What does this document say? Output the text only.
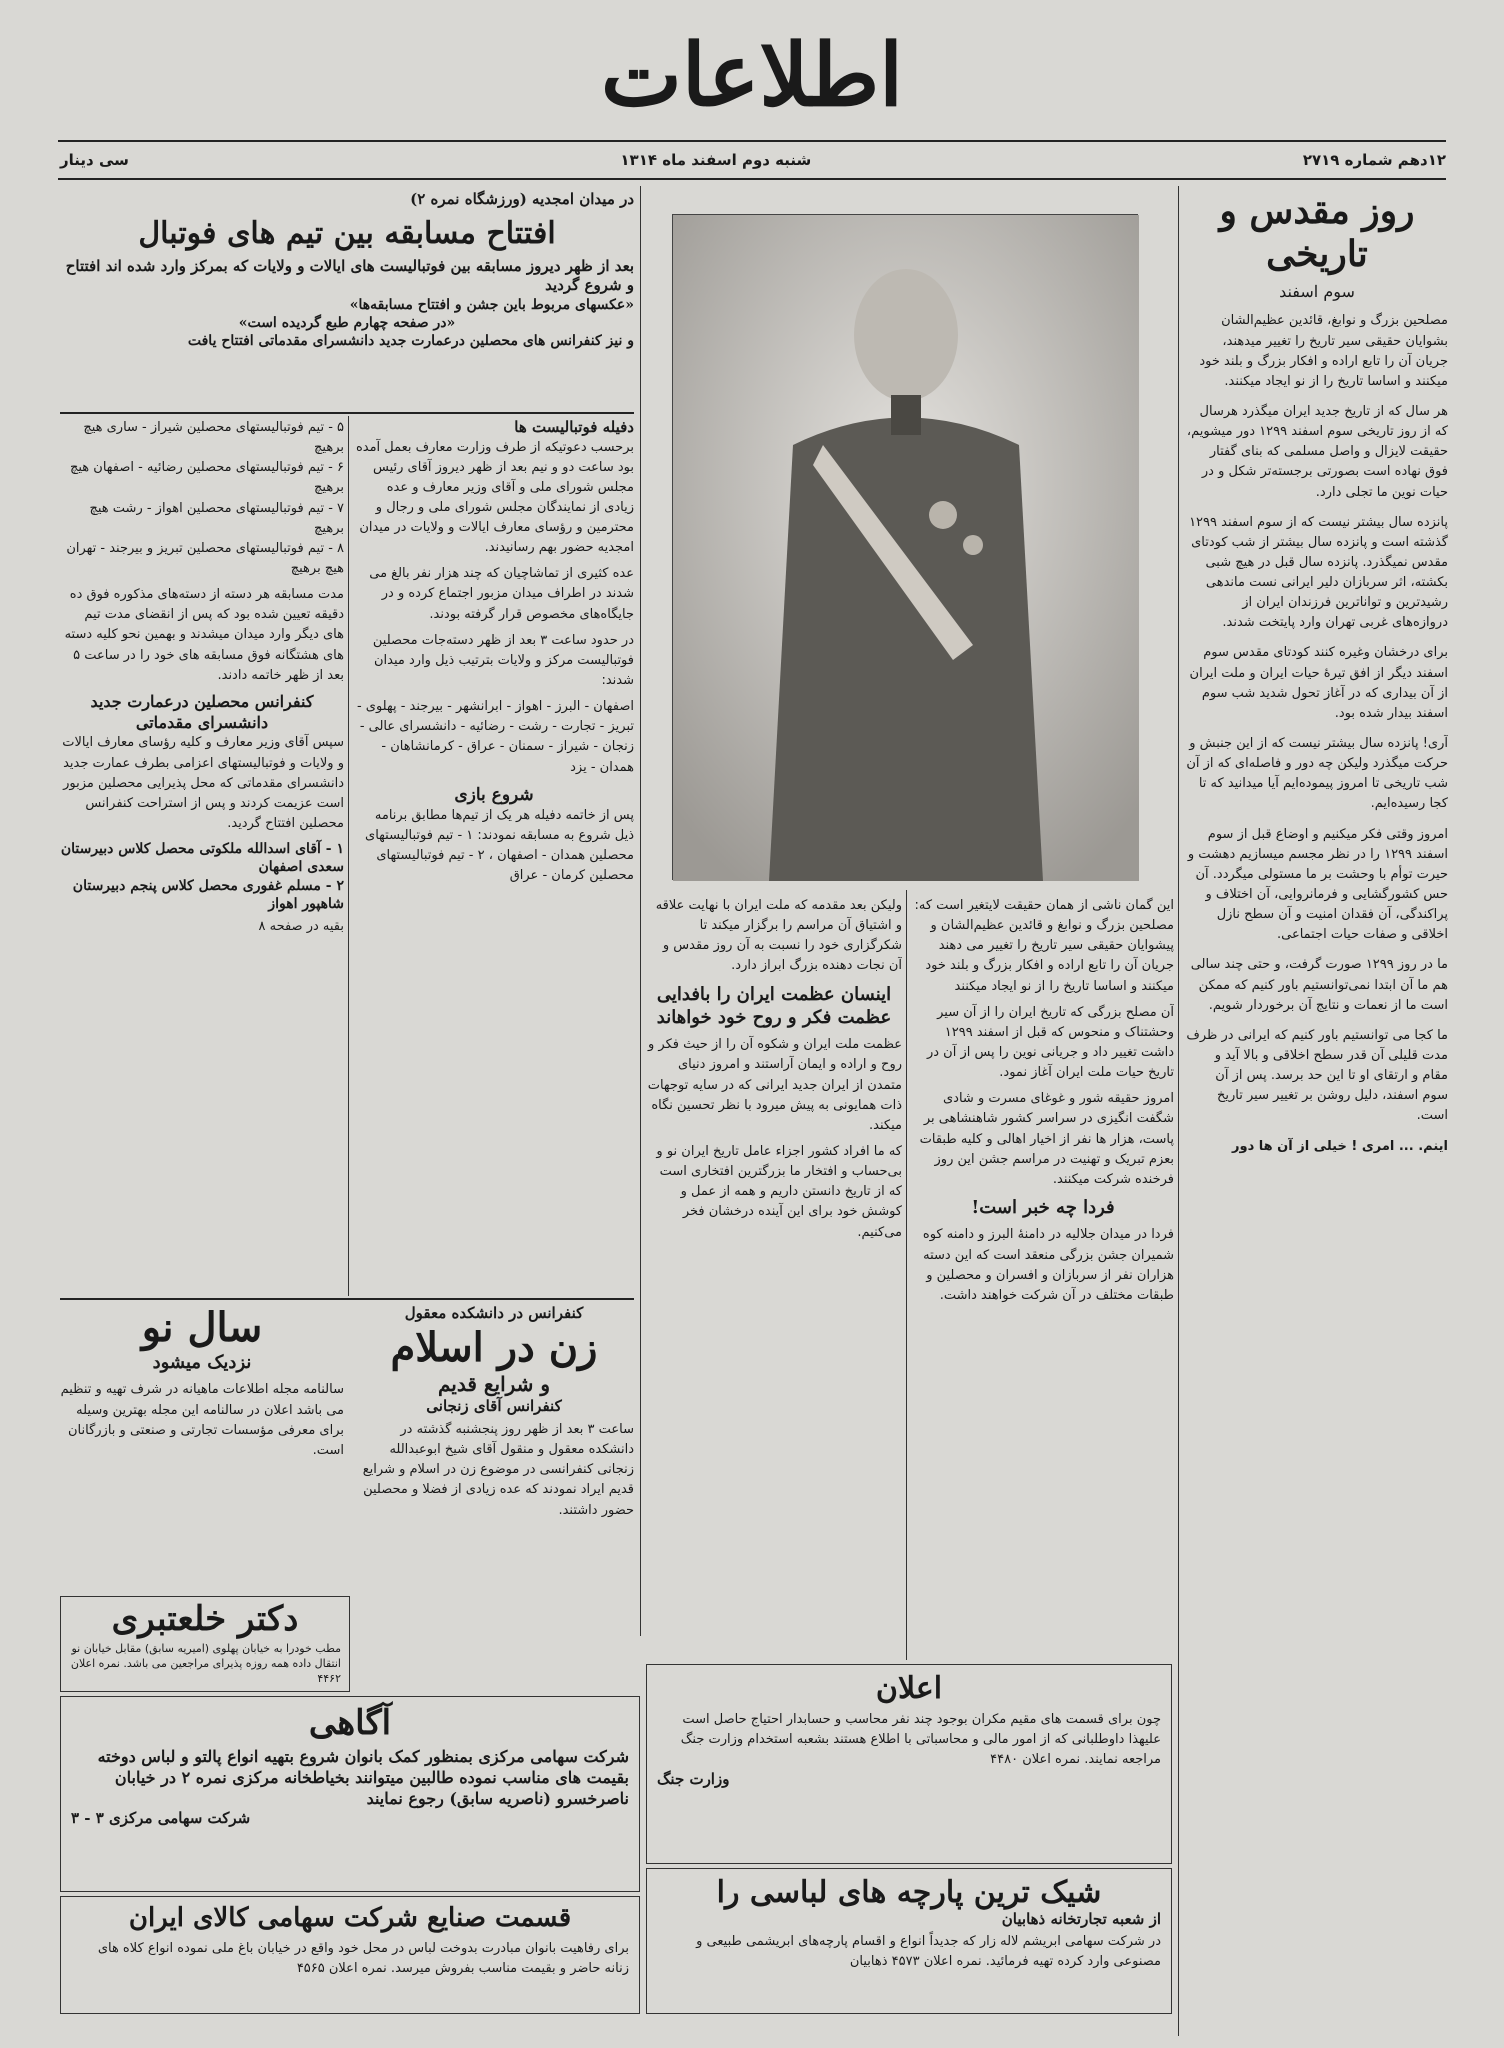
اطلاعات
۱۲دهم شماره ۲۷۱۹
شنبه دوم اسفند ماه ۱۳۱۴
سی دینار
روز مقدس و تاریخی
سوم اسفند

مصلحین بزرگ و نوابغ، قائدین عظیم‌الشان بشوایان حقیقی سیر تاریخ را تغییر میدهند، جریان آن را تابع اراده و افکار بزرگ و بلند خود میکنند و اساسا تاریخ را از نو ایجاد میکنند.

هر سال که از تاریخ جدید ایران میگذرد هرسال که از روز تاریخی سوم اسفند ۱۲۹۹ دور میشویم، حقیقت لایزال و واصل مسلمی که بنای گفتار فوق نهاده است بصورتی برجسته‌تر شکل و در حیات نوین ما تجلی دارد.

پانزده سال بیشتر نیست که از سوم اسفند ۱۲۹۹ گذشته است و پانزده سال بیشتر از شب کودتای مقدس نمیگذرد. پانزده سال قبل در هیچ شبی بکشته، اثر سربازان دلیر ایرانی نست ماندهی رشیدترین و تواناترین فرزندان ایران از دروازه‌های غربی تهران وارد پایتخت شدند.

برای درخشان وغیره کنند کودتای مقدس سوم اسفند دیگر از افق تیرهٔ حیات ایران و ملت ایران از آن بیداری که در آغاز تحول شدید شب سوم اسفند بیدار شده بود.

آری! پانزده سال بیشتر نیست که از این جنبش و حرکت میگذرد ولیکن چه دور و فاصله‌ای که از آن شب تاریخی تا امروز پیموده‌ایم آیا میدانید که تا کجا رسیده‌ایم.

امروز وقتی فکر میکنیم و اوضاع قبل از سوم اسفند ۱۲۹۹ را در نظر مجسم میسازیم دهشت و حیرت توأم با وحشت بر ما مستولی میگردد. آن حس کشورگشایی و فرمانروایی، آن اختلاف و پراکندگی، آن فقدان امنیت و آن سطح نازل اخلاقی و صفات حیات اجتماعی.

ما در روز ۱۲۹۹ صورت گرفت، و حتی چند سالی هم ما آن ابتدا نمی‌توانستیم باور کنیم که ممکن است ما از نعمات و نتایج آن برخوردار شویم.

ما کجا می توانستیم باور کنیم که ایرانی در ظرف مدت قلیلی آن قدر سطح اخلاقی و بالا آید و مقام و ارتقای او تا این حد برسد. پس از آن سوم اسفند، دلیل روشن بر تغییر سیر تاریخ است.

اینم. ... امری ! خیلی از آن ها دور

این گمان ناشی از همان حقیقت لایتغیر است که: مصلحین بزرگ و نوابغ و قائدین عظیم‌الشان و پیشوایان حقیقی سیر تاریخ را تغییر می دهند جریان آن را تابع اراده و افکار بزرگ و بلند خود میکنند و اساسا تاریخ را از نو ایجاد میکنند

آن مصلح بزرگی که تاریخ ایران را از آن سیر وحشتناک و منحوس که قبل از اسفند ۱۲۹۹ داشت تغییر داد و جریانی نوین را پس از آن در تاریخ حیات ملت ایران آغاز نمود.

امروز حقیقه شور و غوغای مسرت و شادی شگفت انگیزی در سراسر کشور شاهنشاهی بر پاست، هزار ها نفر از اخیار اهالی و کلیه طبقات بعزم تبریک و تهنیت در مراسم جشن این روز فرخنده شرکت میکنند.

فردا چه خبر است!

فردا در میدان جلالیه در دامنهٔ البرز و دامنه کوه شمیران جشن بزرگی منعقد است که این دسته هزاران نفر از سربازان و افسران و محصلین و طبقات مختلف در آن شرکت خواهند داشت.

ولیکن بعد مقدمه که ملت ایران با نهایت علاقه و اشتیاق آن مراسم را برگزار میکند تا شکرگزاری خود را نسبت به آن روز مقدس و آن نجات دهنده بزرگ ابراز دارد.

اینسان عظمت ایران را بافدایی‌ عظمت فکر و روح خود خواهاند

عظمت ملت ایران و شکوه آن را از حیث فکر و روح و اراده و ایمان آراستند و امروز دنیای متمدن از ایران جدید ایرانی که در سایه توجهات ذات همایونی به پیش میرود با نظر تحسین نگاه میکند.

که ما افراد کشور اجزاء عامل تاریخ ایران نو و بی‌حساب و افتخار ما بزرگترین افتخاری است که از تاریخ دانستن داریم و همه از عمل و کوشش خود برای این آینده درخشان فخر می‌کنیم.

در میدان امجدیه (ورزشگاه نمره ۲)
افتتاح مسابقه بین تیم های فوتبال
بعد از ظهر دیروز مسابقه بین فوتبالیست های ایالات و ولایات که بمرکز وارد شده اند افتتاح و شروع گردید
«عکسهای مربوط باین جشن و افتتاح مسابقه‌ها»
«در صفحه چهارم طبع گردیده است»
و نیز کنفرانس های محصلین درعمارت جدید دانشسرای مقدماتی افتتاح یافت
دفیله فوتبالیست ها

برحسب دعوتیکه از طرف وزارت معارف بعمل آمده بود ساعت دو و نیم بعد از ظهر دیروز آقای رئیس مجلس شورای ملی و آقای وزیر معارف و عده زیادی از نمایندگان مجلس شورای ملی و رجال و محترمین و رؤسای معارف ایالات و ولایات در میدان امجدیه حضور بهم رسانیدند.

عده کثیری از تماشاچیان که چند هزار نفر بالغ می شدند در اطراف میدان مزبور اجتماع کرده و در جایگاه‌های مخصوص قرار گرفته بودند.

در حدود ساعت ۳ بعد از ظهر دسته‌جات محصلین فوتبالیست مرکز و ولایات بترتیب ذیل وارد میدان شدند:

اصفهان - البرز - اهواز - ابرانشهر - بیرجند - پهلوی - تبریز - تجارت - رشت - رضائیه - دانشسرای عالی - زنجان - شیراز - سمنان - عراق - کرمانشاهان - همدان - یزد

شروع بازی

پس از خاتمه دفیله هر یک از تیم‌ها مطابق برنامه ذیل شروع به مسابقه نمودند: ۱ - تیم فوتبالیستهای محصلین همدان - اصفهان ، ۲ - تیم فوتبالیستهای محصلین کرمان - عراق

۵ - تیم فوتبالیستهای محصلین شیراز - ساری هیچ برهیچ
۶ - تیم فوتبالیستهای محصلین رضائیه - اصفهان هیچ برهیچ
۷ - تیم فوتبالیستهای محصلین اهواز - رشت هیچ برهیچ
۸ - تیم فوتبالیستهای محصلین تبریز و بیرجند - تهران هیچ برهیچ

مدت مسابقه هر دسته از دسته‌های مذکوره فوق ده دقیقه تعیین شده بود که پس از انقضای مدت تیم های دیگر وارد میدان میشدند و بهمین نحو کلیه دسته های هشتگانه فوق مسابقه های خود را در ساعت ۵ بعد از ظهر خاتمه دادند.

کنفرانس محصلین درعمارت جدید دانشسرای مقدماتی

سپس آقای وزیر معارف و کلیه رؤسای معارف ایالات و ولایات و فوتبالیستهای اعزامی بطرف عمارت جدید دانشسرای مقدماتی که محل پذیرایی محصلین مزبور است عزیمت کردند و پس از استراحت کنفرانس محصلین افتتاح گردید.

۱ - آقای اسدالله ملکوتی محصل کلاس دبیرستان سعدی اصفهان
۲ - مسلم غفوری محصل کلاس پنجم دبیرستان شاهپور اهواز

بقیه در صفحه ۸

سال نو
نزدیک میشود

سالنامه مجله اطلاعات ماهیانه در شرف تهیه و تنظیم می باشد اعلان در سالنامه این مجله بهترین وسیله برای معرفی مؤسسات تجارتی و صنعتی و بازرگانان است.

کنفرانس در دانشکده معقول
زن در اسلام
و شرایع قدیم
کنفرانس آقای زنجانی

ساعت ۳ بعد از ظهر روز پنجشنبه گذشته در دانشکده معقول و منقول آقای شیخ ابوعبدالله زنجانی کنفرانسی در موضوع زن در اسلام و شرایع قدیم ایراد نمودند که عده زیادی از فضلا و محصلین حضور داشتند.

دکتر خلعتبری

مطب خودرا به خیابان پهلوی (امیریه سابق) مقابل خیابان نو انتقال داده همه روزه پذیرای مراجعین می باشد. نمره اعلان ۴۴۶۲

آگاهی

شرکت سهامی مرکزی بمنظور کمک بانوان شروع بتهیه انواع پالتو و لباس دوخته بقیمت های مناسب نموده طالبین میتوانند بخیاطخانه مرکزی نمره ۲ در خیابان ناصرخسرو (ناصریه سابق) رجوع نمایند

شرکت سهامی مرکزی ۳ - ۳
قسمت صنایع شرکت سهامی کالای ایران

برای رفاهیت بانوان مبادرت بدوخت لباس در محل خود واقع در خیابان باغ ملی نموده انواع کلاه های زنانه حاضر و بقیمت مناسب بفروش میرسد. نمره اعلان ۴۵۶۵

اعلان

چون برای قسمت های مقیم مکران بوجود چند نفر محاسب و حسابدار احتیاج حاصل است علیهذا داوطلبانی که از امور مالی و محاسباتی با اطلاع هستند بشعبه استخدام وزارت جنگ مراجعه نمایند. نمره اعلان ۴۴۸۰

وزارت جنگ
شیک ترین پارچه های لباسی را
از شعبه تجارتخانه ذهابیان

در شرکت سهامی ابریشم لاله زار که جدیداً انواع و اقسام پارچه‌های ابریشمی طبیعی و مصنوعی وارد کرده تهیه فرمائید. نمره اعلان ۴۵۷۳ ذهابیان
